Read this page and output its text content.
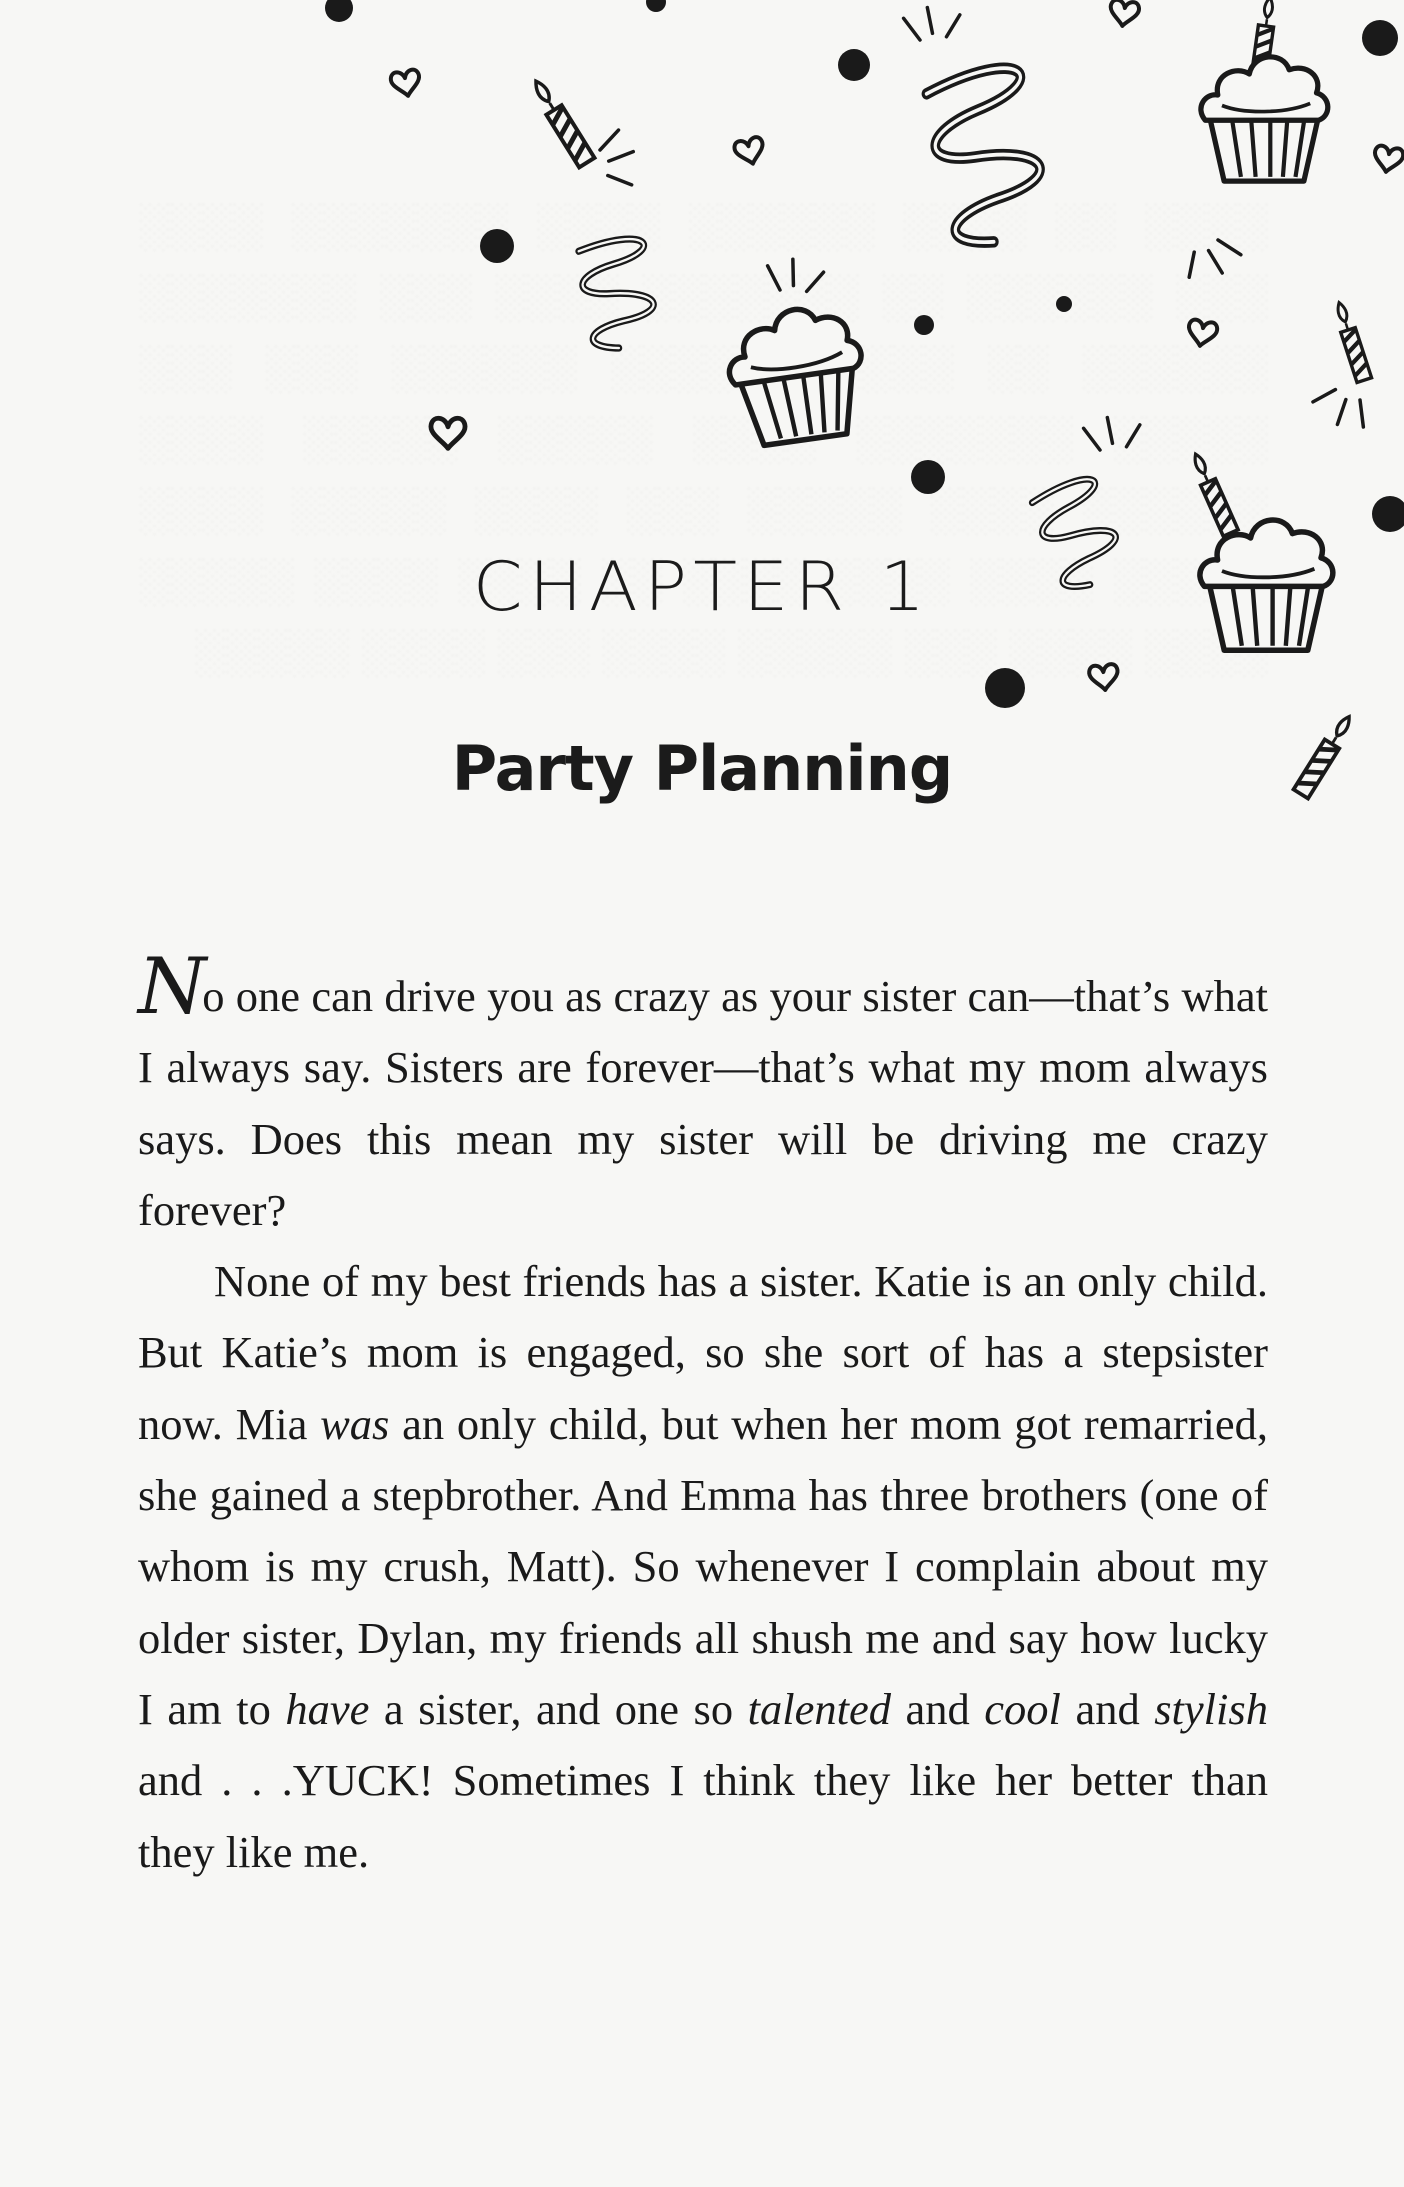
CHAPTER 1
Party Planning

No one can drive you as crazy as your sister can—that’s what I always say. Sisters are forever—that’s what my mom always says. Does this mean my sister will be driving me crazy forever?

None of my best friends has a sister. Katie is an only child. But Katie’s mom is engaged, so she sort of has a stepsister now. Mia was an only child, but when her mom got remarried, she gained a stepbrother. And Emma has three brothers (one of whom is my crush, Matt). So whenever I complain about my older sister, Dylan, my friends all shush me and say how lucky I am to have a sister, and one so talented and cool and stylish and . . .YUCK! Sometimes I think they like her better than they like me.
